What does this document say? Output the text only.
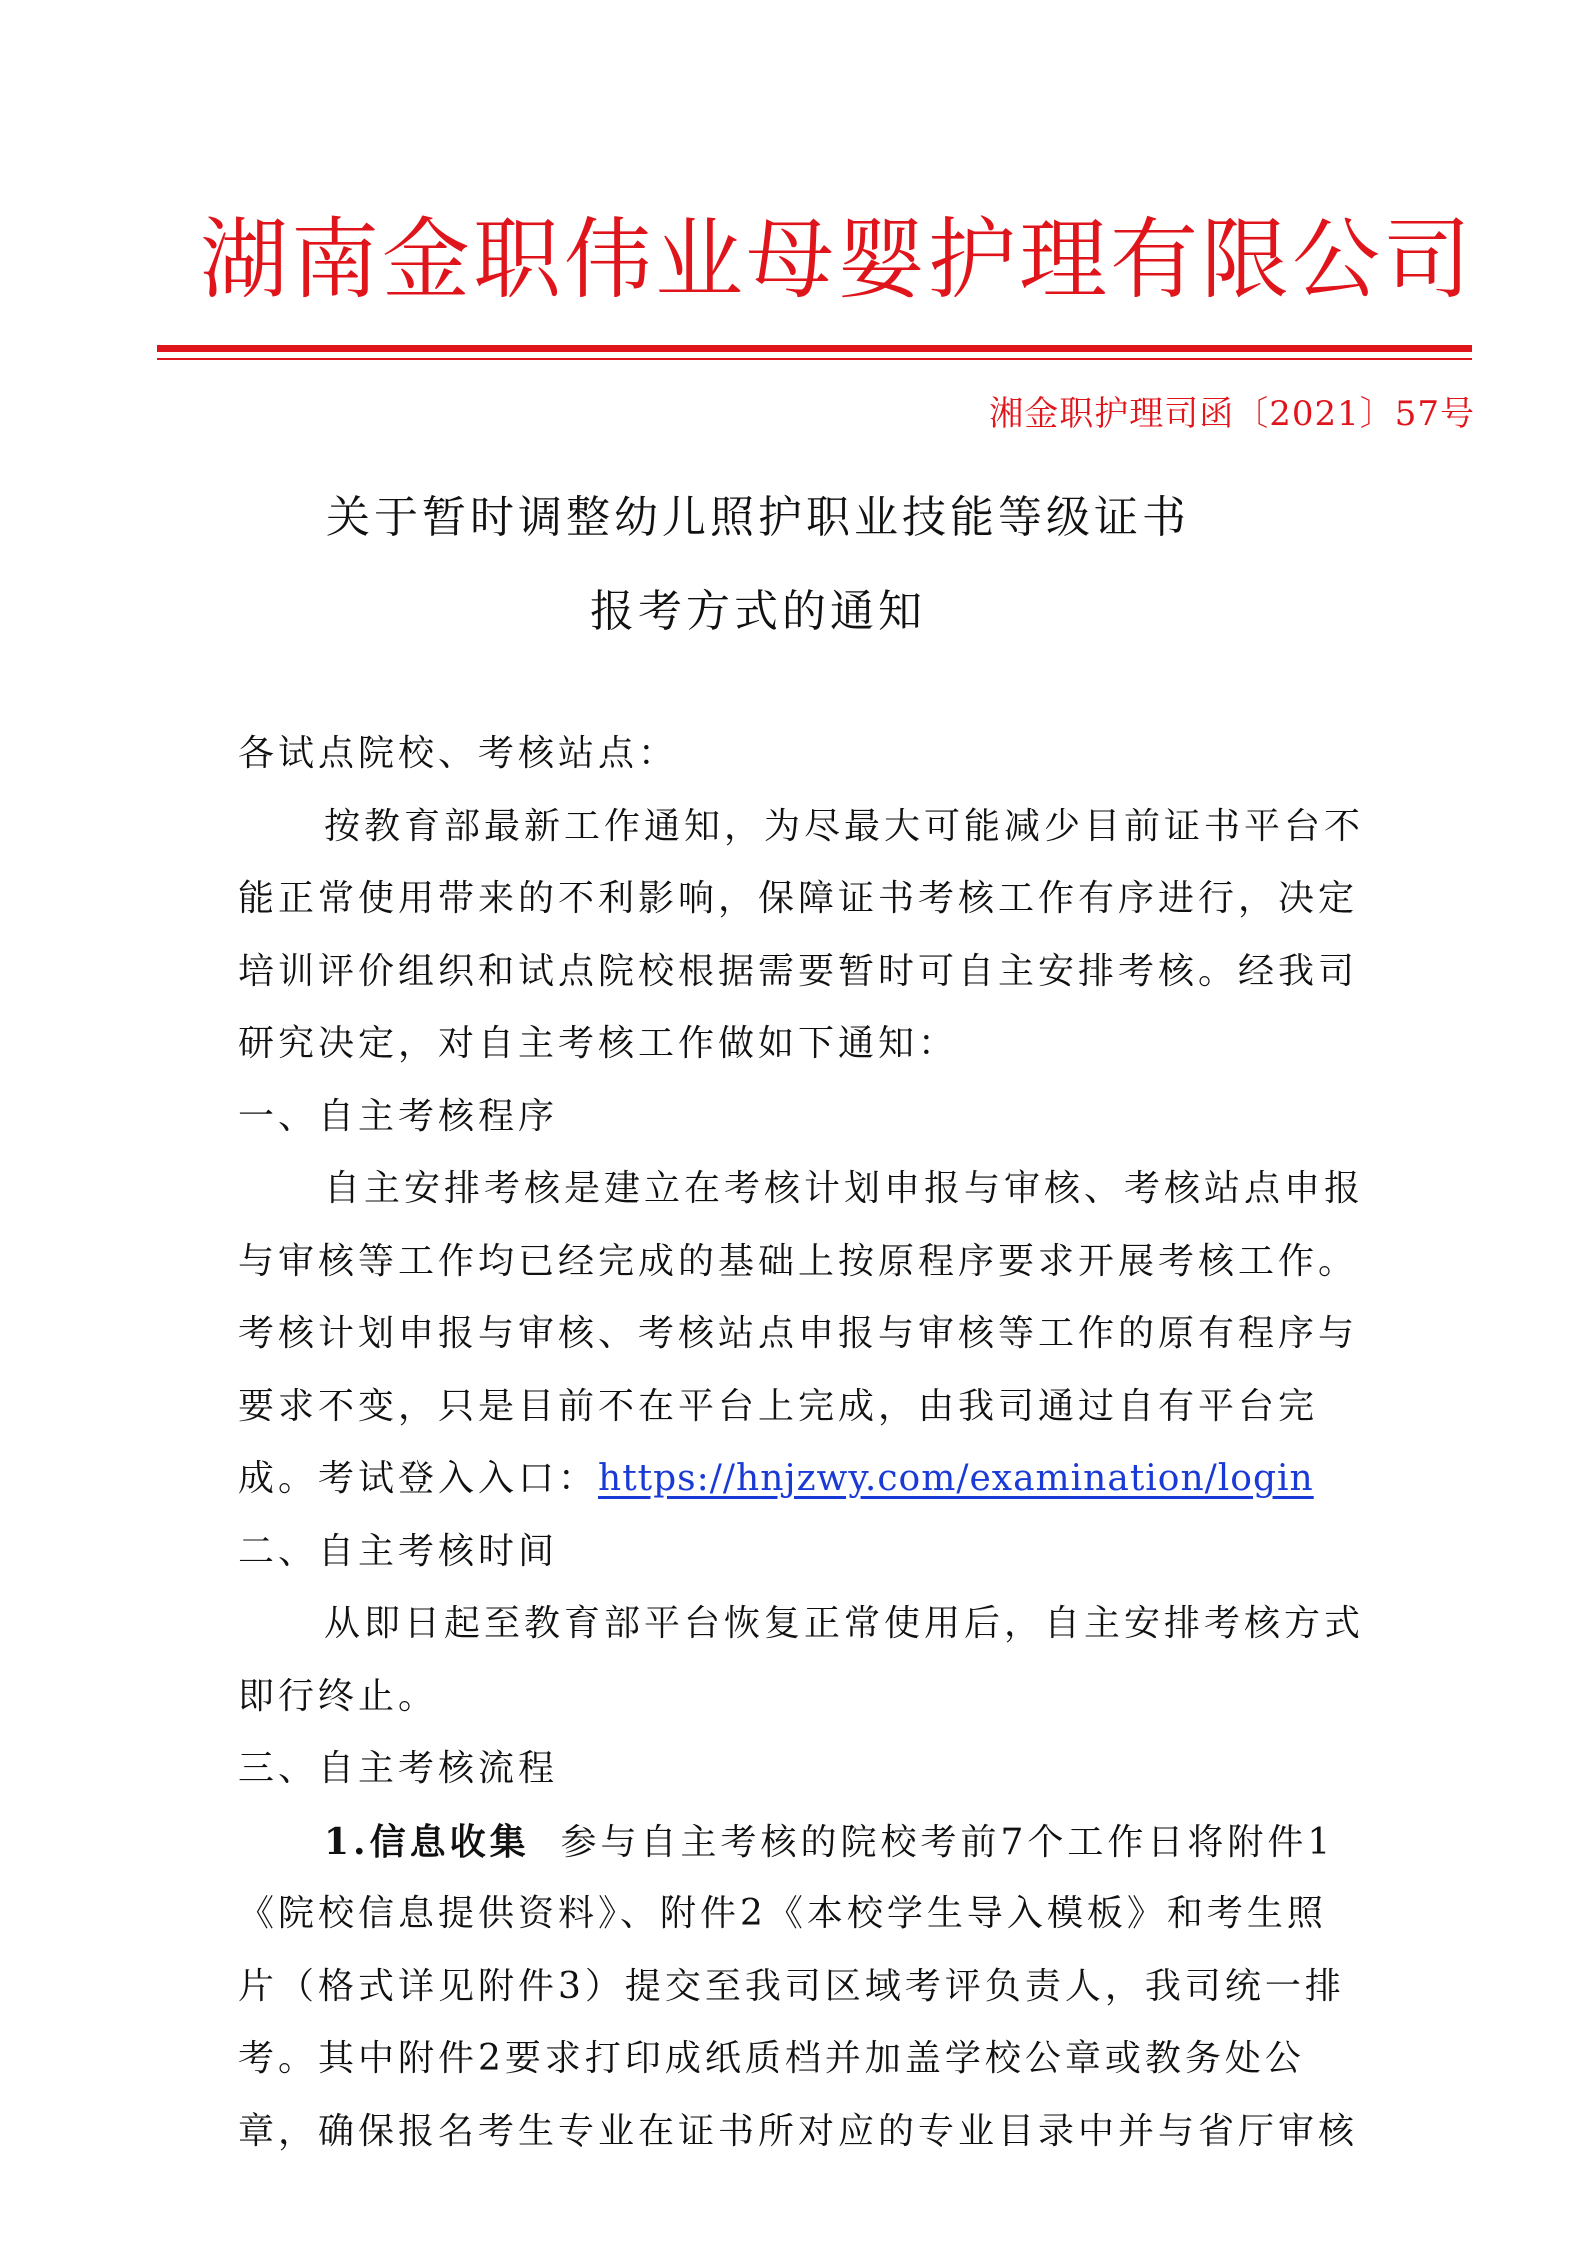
湖南金职伟业母婴护理有限公司
湘金职护理司函〔2021〕57号
关于暂时调整幼儿照护职业技能等级证书
报考方式的通知
各试点院校、考核站点：
按教育部最新工作通知，为尽最大可能减少目前证书平台不
能正常使用带来的不利影响，保障证书考核工作有序进行，决定
培训评价组织和试点院校根据需要暂时可自主安排考核。经我司
研究决定，对自主考核工作做如下通知：
一、自主考核程序
自主安排考核是建立在考核计划申报与审核、考核站点申报
与审核等工作均已经完成的基础上按原程序要求开展考核工作。
考核计划申报与审核、考核站点申报与审核等工作的原有程序与
要求不变，只是目前不在平台上完成，由我司通过自有平台完
成。考试登入入口：https://hnjzwy.com/examination/login
二、自主考核时间
从即日起至教育部平台恢复正常使用后，自主安排考核方式
即行终止。
三、自主考核流程
1.信息收集 参与自主考核的院校考前7个工作日将附件1
《院校信息提供资料》、附件2《本校学生导入模板》和考生照
片（格式详见附件3）提交至我司区域考评负责人，我司统一排
考。其中附件2要求打印成纸质档并加盖学校公章或教务处公
章，确保报名考生专业在证书所对应的专业目录中并与省厅审核
